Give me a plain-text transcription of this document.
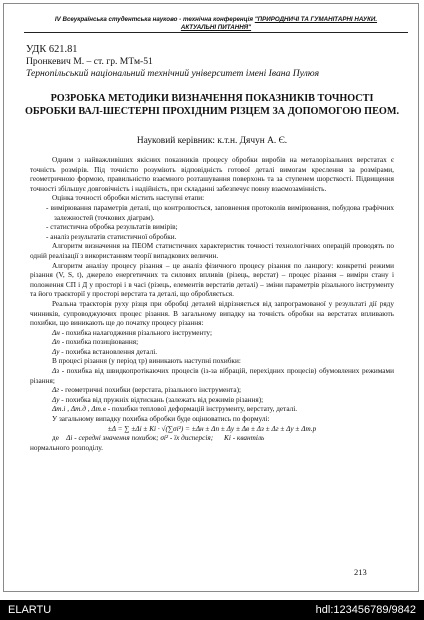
IV Всеукраїнська студентська науково - технічна конференція "ПРИРОДНИЧІ ТА ГУМАНІТАРНІ НАУКИ.
АКТУАЛЬНІ ПИТАННЯ"
УДК 621.81
Пронкевич М. – ст. гр. МТм-51
Тернопільський національний технічний університет імені Івана Пулюя
РОЗРОБКА МЕТОДИКИ ВИЗНАЧЕННЯ ПОКАЗНИКІВ ТОЧНОСТІ ОБРОБКИ ВАЛ-ШЕСТЕРНІ ПРОХІДНИМ РІЗЦЕМ ЗА ДОПОМОГОЮ ПЕОМ.
Науковий керівник: к.т.н. Дячун А. Є.

Одним з найважливіших якісних показників процесу обробки виробів на металорізальних верстатах є точність розмірів. Під точністю розуміють відповідність готової деталі вимогам креслення за розмірами, геометричною формою, правильністю взаємного розташування поверхонь та за ступенем шорсткості. Підвищення точності збільшує довговічність і надійність, при складанні забезпечує повну взаємозамінність.

Оцінка точності обробки містить наступні етапи:

- вимірювання параметрів деталі, що контролюється, заповнення протоколів вимірювання, побудова графічних залежностей (точкових діаграм).

- статистична обробка результатів вимірів;

- аналіз результатів статистичної обробки.

Алгоритм визначення на ПЕОМ статистичних характеристик точності технологічних операцій проводять по одній реалізації з використанням теорії випадкових величин.

Алгоритм аналізу процесу різання – це аналіз фізичного процесу різання по ланцюгу: конкретні режими різання (V, S, t), джерело енергетичних та силових впливів (різець, верстат) – процес різання – вимірн стану і положення СП і Д у просторі і в часі (різець, елементів верстатів деталі) – зміни параметрів різального інструменту та його траєкторії у просторі верстата та деталі, що обробляється.

Реальна траєкторія руху різця при обробці деталей відрізняється від запрограмованої у результаті дії ряду чинників, супроводжуючих процес різання. В загальному випадку на точність обробки на верстатах впливають похибки, що виникають ще до початку процесу різання:

Δн - похибка налагодження різального інструменту;

Δп - похибка позиціювання;

Δy - похибка встановлення деталі.

В процесі різання (у період τр) виникають наступні похибки:

Δз - похибка від швидкопротікаючих процесів (із-за вібрацій, перехідних процесів) обумовлених режимами різання;

Δг - геометричні похибки (верстата, різального інструмента);

Δу - похибка від пружніх відтискань (залежать від режимів різання);

Δт.і , Δт.д , Δт.в - похибки теплової деформацій інструменту, верстату, деталі.

У загальному випадку похибка обробки буде оцінюватись по формулі:

±Δ = ∑ ±Δi ± Ki · √(∑σi²) = ±Δн ± Δп ± Δу ± Δв ± Δз ± Δг ± Δу ± Δт.р

де Δi - середні значення похибок; σi² - їх дисперсія; Ki - квантіль

нормального розподілу.

213
ELARTU	hdl:123456789/9842
